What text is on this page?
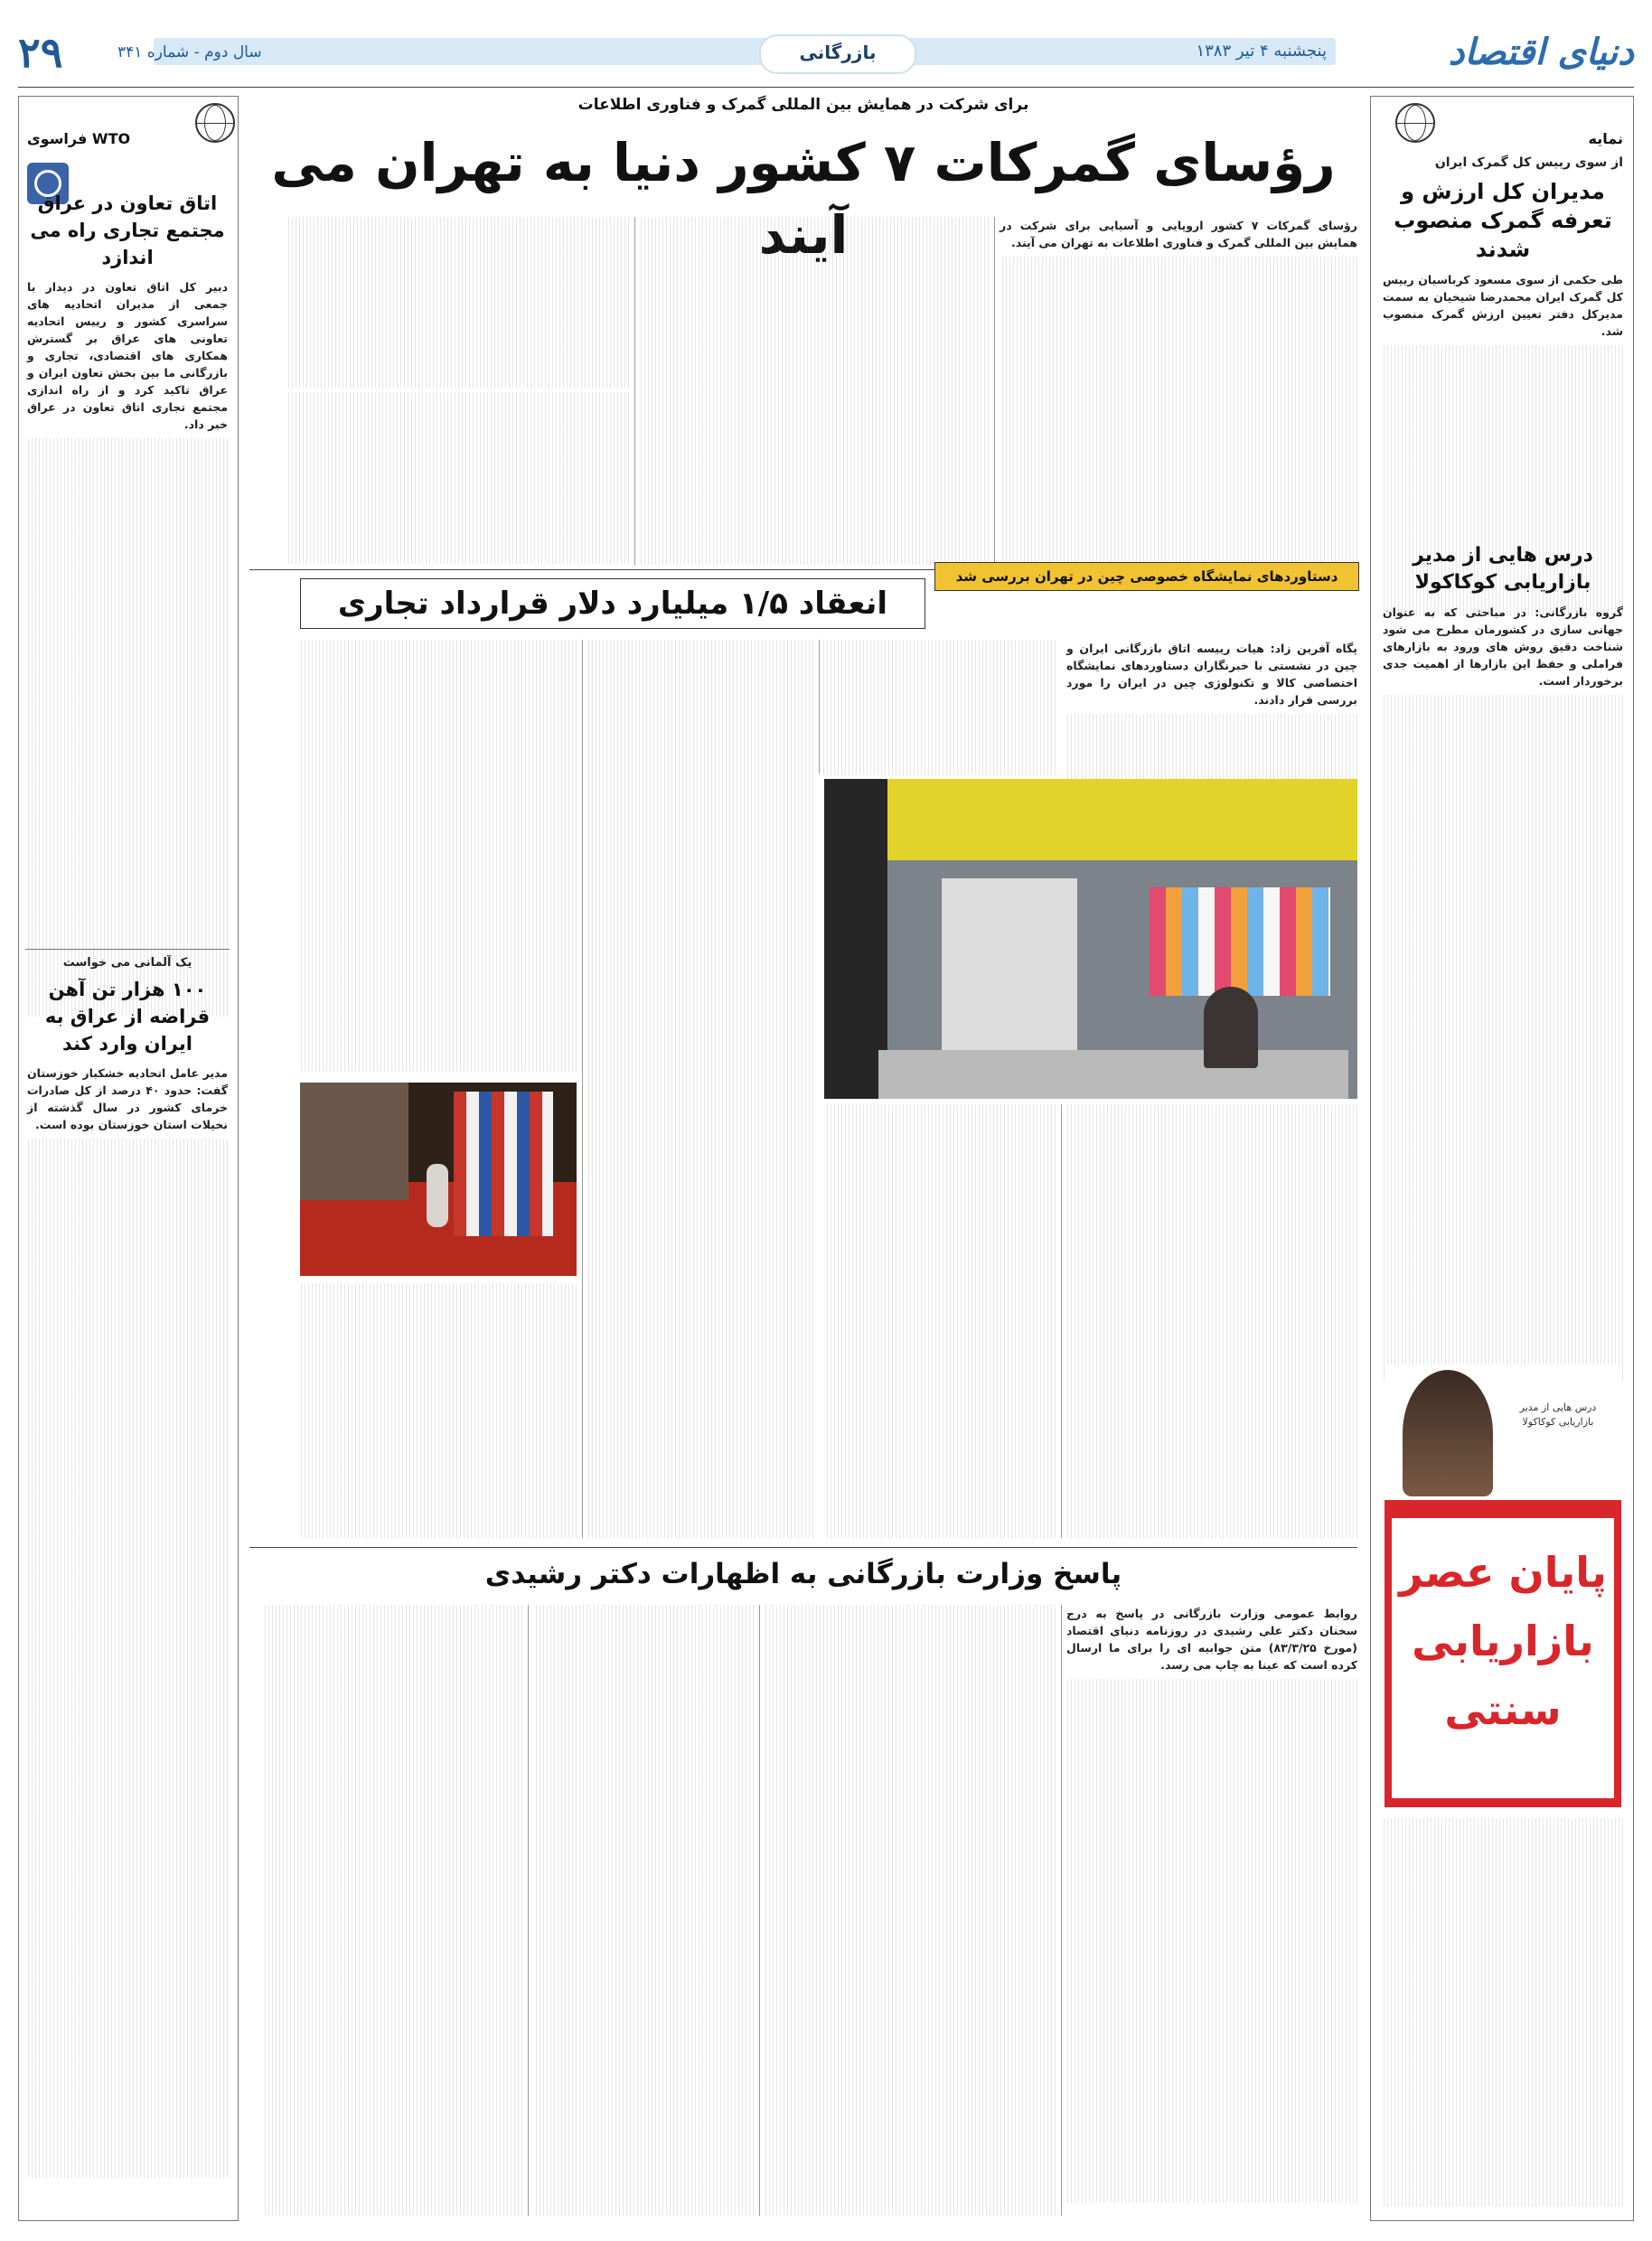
دنیای اقتصاد
پنجشنبه ۴ تیر ۱۳۸۳
بازرگانی
سال دوم - شماره ۳۴۱
۲۹
نمایه
از سوی رییس کل گمرک ایران
مدیران کل ارزش و تعرفه گمرک منصوب شدند

طی حکمی از سوی مسعود کرباسیان رییس کل گمرک ایران محمدرضا شیخیان به سمت مدیرکل دفتر تعیین ارزش گمرک منصوب شد.

درس هایی از مدیر بازاریابی کوکاکولا

گروه بازرگانی: در مباحثی که به عنوان جهانی سازی در کشورمان مطرح می شود شناخت دقیق روش های ورود به بازارهای فراملی و حفظ این بازارها از اهمیت جدی برخوردار است.

درس هایی از مدیر بازاریابی کوکاکولا
پایان عصر بازاریابی سنتی
فراسوی WTO
اتاق تعاون در عراق مجتمع تجاری راه می اندازد

دبیر کل اتاق تعاون در دیدار با جمعی از مدیران اتحادیه های سراسری کشور و رییس اتحادیه تعاونی های عراق بر گسترش همکاری های اقتصادی، تجاری و بازرگانی ما بین بخش تعاون ایران و عراق تاکید کرد و از راه اندازی مجتمع تجاری اتاق تعاون در عراق خبر داد.

یک آلمانی می خواست
۱۰۰ هزار تن آهن قراضه از عراق به ایران وارد کند

مدیر عامل اتحادیه خشکبار خوزستان گفت: حدود ۴۰ درصد از کل صادرات خرمای کشور در سال گذشته از نخیلات استان خوزستان بوده است.

برای شرکت در همایش بین المللی گمرک و فناوری اطلاعات
رؤسای گمرکات ۷ کشور دنیا به تهران می آیند	رؤسای گمرکات ۷ کشور اروپایی و آسیایی برای شرکت در همایش بین المللی گمرک و فناوری اطلاعات به تهران می آیند.

دستاوردهای نمایشگاه خصوصی چین در تهران بررسی شد
انعقاد ۱/۵ میلیارد دلار قرارداد تجاری

پگاه آفرین زاد: هیات رییسه اتاق بازرگانی ایران و چین در نشستی با خبرنگاران دستاوردهای نمایشگاه اختصاصی کالا و تکنولوژی چین در ایران را مورد بررسی قرار دادند.

پاسخ وزارت بازرگانی به اظهارات دکتر رشیدی

روابط عمومی وزارت بازرگانی در پاسخ به درج سخنان دکتر علی رشیدی در روزنامه دنیای اقتصاد (مورخ ۸۳/۳/۲۵) متن جوابیه ای را برای ما ارسال کرده است که عینا به چاپ می رسد.
